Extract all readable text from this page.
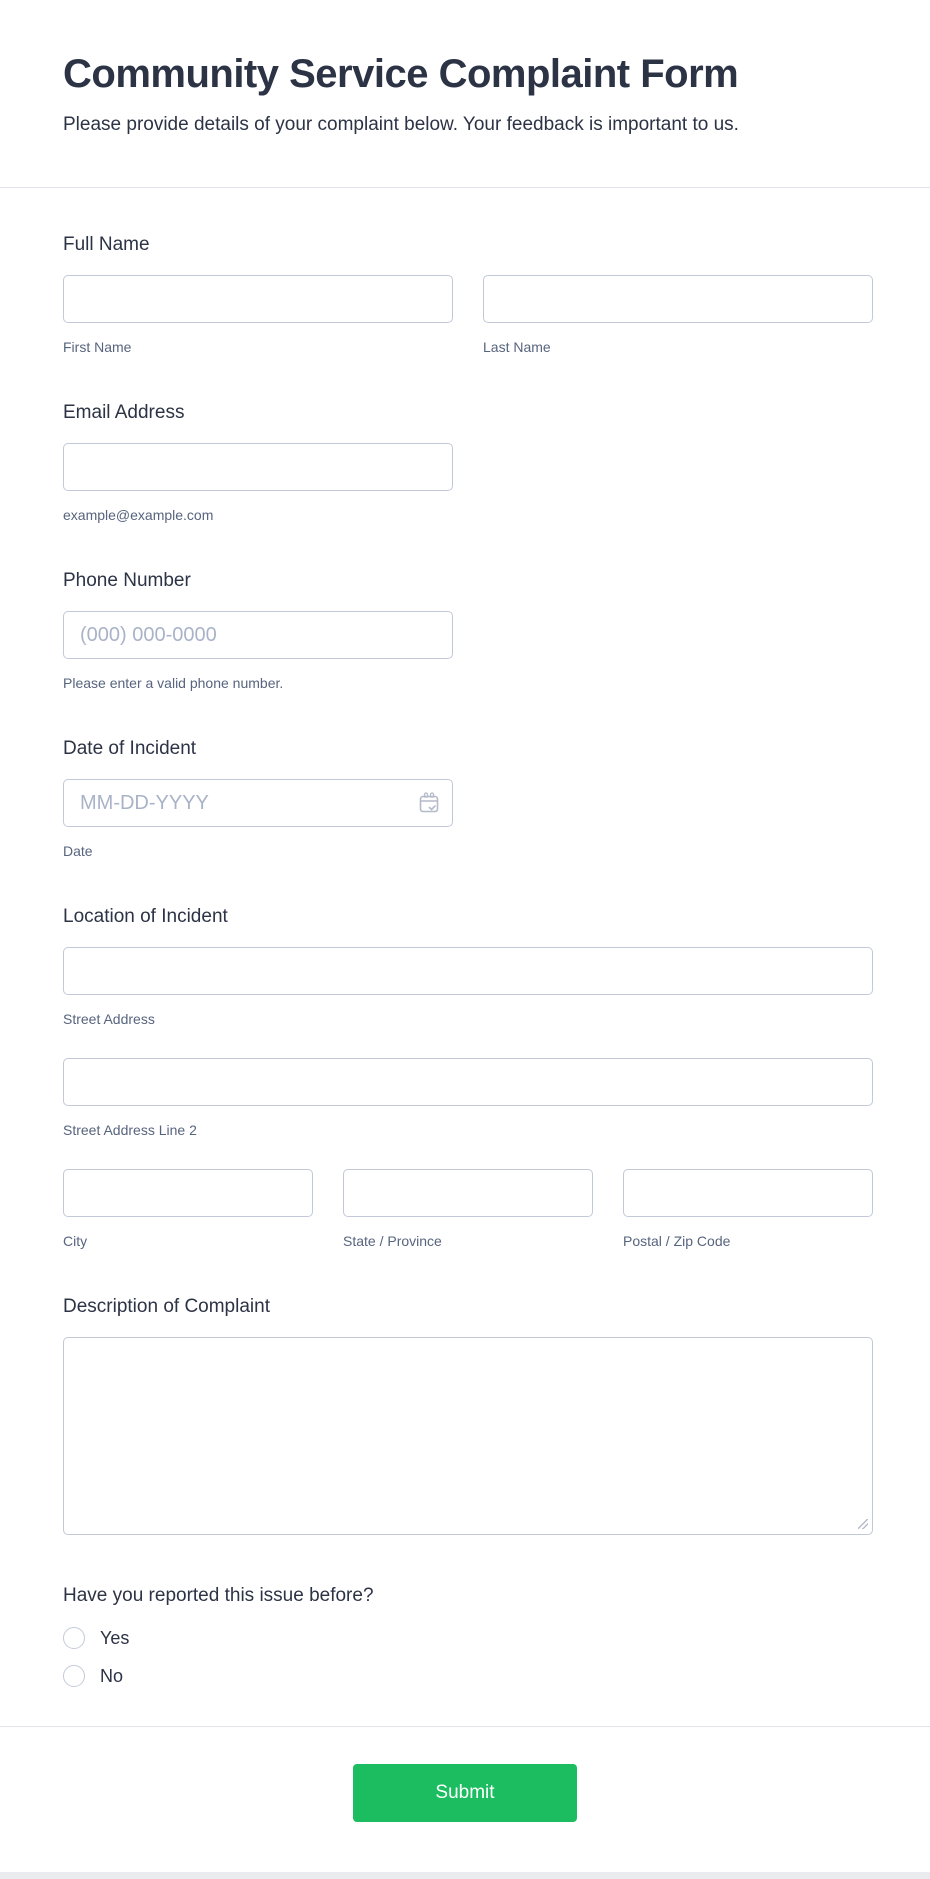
Community Service Complaint Form

Please provide details of your complaint below. Your feedback is important to us.

Full Name
First Name	Last Name
Email Address
example@example.com
Phone Number
(000) 000-0000
Please enter a valid phone number.
Date of Incident
MM-DD-YYYY
Date
Location of Incident
Street Address
Street Address Line 2
City	State / Province	Postal / Zip Code
Description of Complaint
Have you reported this issue before?
Yes
No
Submit
